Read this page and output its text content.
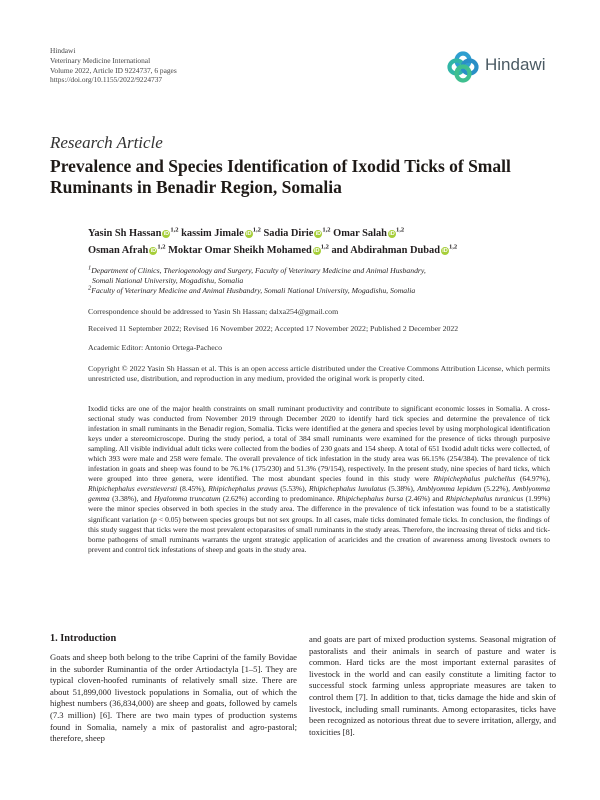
Hindawi
Veterinary Medicine International
Volume 2022, Article ID 9224737, 6 pages
https://doi.org/10.1155/2022/9224737
Hindawi
Research Article
Prevalence and Species Identification of Ixodid Ticks of Small Ruminants in Benadir Region, Somalia
Yasin Sh Hassan iD$^{1,2}$ kassim Jimale iD$^{1,2}$ Sadia Dirie iD$^{1,2}$ Omar Salah iD$^{1,2}$
Osman Afrah iD$^{1,2}$ Moktar Omar Sheikh Mohamed iD$^{1,2}$ and Abdirahman Dubad iD$^{1,2}$
$^1$Department of Clinics, Theriogenology and Surgery, Faculty of Veterinary Medicine and Animal Husbandry,
Somali National University, Mogadishu, Somalia
$^2$Faculty of Veterinary Medicine and Animal Husbandry, Somali National University, Mogadishu, Somalia
Correspondence should be addressed to Yasin Sh Hassan; dalxa254@gmail.com
Received 11 September 2022; Revised 16 November 2022; Accepted 17 November 2022; Published 2 December 2022
Academic Editor: Antonio Ortega-Pacheco
Copyright © 2022 Yasin Sh Hassan et al. This is an open access article distributed under the Creative Commons Attribution License, which permits unrestricted use, distribution, and reproduction in any medium, provided the original work is properly cited.
Ixodid ticks are one of the major health constraints on small ruminant productivity and contribute to significant economic losses in Somalia. A cross-sectional study was conducted from November 2019 through December 2020 to identify hard tick species and determine the prevalence of tick infestation in small ruminants in the Benadir region, Somalia. Ticks were identified at the genera and species level by using morphological identification keys under a stereomicroscope. During the study period, a total of 384 small ruminants were examined for the presence of ticks through purposive sampling. All visible individual adult ticks were collected from the bodies of 230 goats and 154 sheep. A total of 651 Ixodid adult ticks were collected, of which 393 were male and 258 were female. The overall prevalence of tick infestation in the study area was 66.15% (254/384). The prevalence of tick infestation in goats and sheep was found to be 76.1% (175/230) and 51.3% (79/154), respectively. In the present study, nine species of hard ticks, which were grouped into three genera, were identified. The most abundant species found in this study were Rhipichephalus pulchellus (64.97%), Rhipichephalus everstieversti (8.45%), Rhipichephalus pravus (5.53%), Rhipichephalus lunulatus (5.38%), Amblyomma lepidum (5.22%), Amblyomma gemma (3.38%), and Hyalomma truncatum (2.62%) according to predominance. Rhipichephalus bursa (2.46%) and Rhipichephalus turanicus (1.99%) were the minor species observed in both species in the study area. The difference in the prevalence of tick infestation was found to be a statistically significant variation (p < 0.05) between species groups but not sex groups. In all cases, male ticks dominated female ticks. In conclusion, the findings of this study suggest that ticks were the most prevalent ectoparasites of small ruminants in the study areas. Therefore, the increasing threat of ticks and tick-borne pathogens of small ruminants warrants the urgent strategic application of acaricides and the creation of awareness among livestock owners to prevent and control tick infestations of sheep and goats in the study area.
1. Introduction

Goats and sheep both belong to the tribe Caprini of the family Bovidae in the suborder Ruminantia of the order Artiodactyla [1–5]. They are typical cloven-hoofed ruminants of relatively small size. There are about 51,899,000 livestock populations in Somalia, out of which the highest numbers (36,834,000) are sheep and goats, followed by camels (7.3 million) [6]. There are two main types of production systems found in Somalia, namely a mix of pastoralist and agro-pastoral; therefore, sheep

and goats are part of mixed production systems. Seasonal migration of pastoralists and their animals in search of pasture and water is common. Hard ticks are the most important external parasites of livestock in the world and can easily constitute a limiting factor to successful stock farming unless appropriate measures are taken to control them [7]. In addition to that, ticks damage the hide and skin of livestock, including small ruminants. Among ectoparasites, ticks have been recognized as notorious threat due to severe irritation, allergy, and toxicities [8].
